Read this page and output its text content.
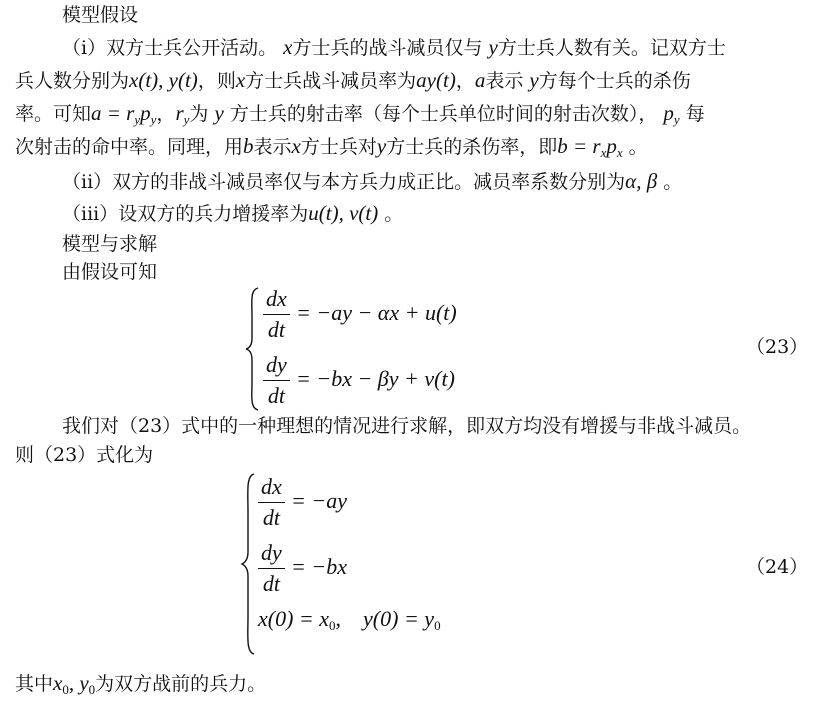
模型假设
（i）双方士兵公开活动。 x方士兵的战斗减员仅与 y方士兵人数有关。记双方士
兵人数分别为x(t), y(t)，则x方士兵战斗减员率为ay(t)，a表示 y方每个士兵的杀伤
率。可知$a = r_yp_y$，$r_y$为 y 方士兵的射击率（每个士兵单位时间的射击次数）， $p_y$ 每
次射击的命中率。同理，用b表示x方士兵对y方士兵的杀伤率，即$b = r_xp_x$ 。
（ii）双方的非战斗减员率仅与本方兵力成正比。减员率系数分别为α, β 。
（iii）设双方的兵力增援率为u(t), v(t) 。
模型与求解
由假设可知
$\frac{dx}{dt} = -ay - \alpha x + u(t)$
$\frac{dy}{dt} = -bx - \beta y + v(t)$
（23）
我们对（23）式中的一种理想的情况进行求解，即双方均没有增援与非战斗减员。
则（23）式化为
$\frac{dx}{dt} = -ay$
$\frac{dy}{dt} = -bx$
$x(0) = x_0$,    $y(0) = y_0$
（24）
其中$x_0$, $y_0$为双方战前的兵力。
